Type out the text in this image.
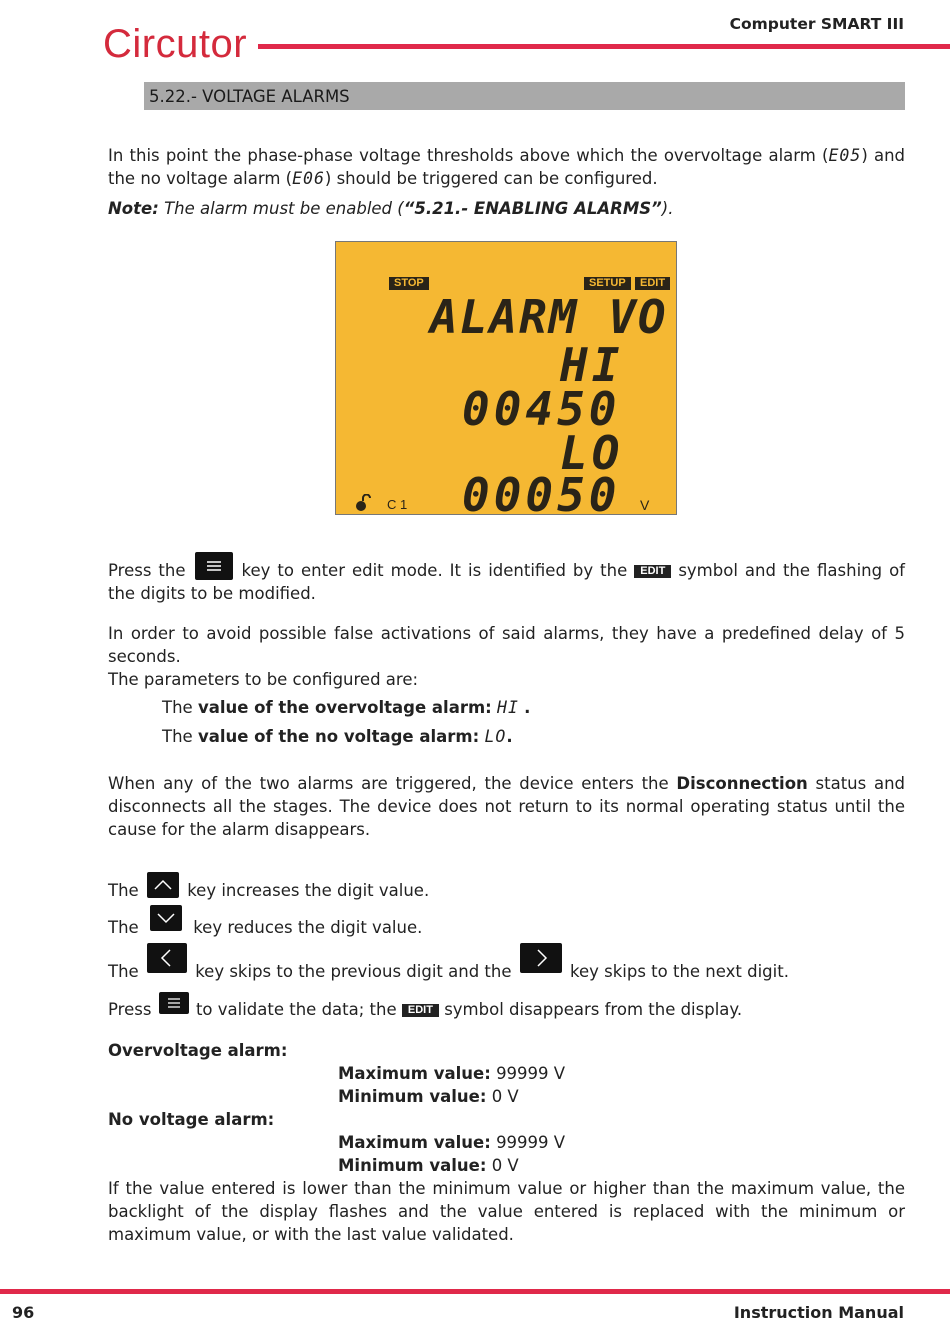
Circutor	Computer SMART III
5.22.- VOLTAGE ALARMS
In this point the phase-phase voltage thresholds above which the overvoltage alarm (E05) and the no voltage alarm (E06) should be triggered can be configured.
Note: The alarm must be enabled (“5.21.- ENABLING ALARMS”).
STOP	SETUP	EDIT
ALARM VO
HI
00450
LO
00050
C 1	V
Press the	key to enter edit mode. It is identified by the EDIT symbol and the flashing of the digits to be modified.
In order to avoid possible false activations of said alarms, they have a predefined delay of 5 seconds.
The parameters to be configured are:
The value of the overvoltage alarm: HI .
The value of the no voltage alarm: LO.
When any of the two alarms are triggered, the device enters the Disconnection status and disconnects all the stages. The device does not return to its normal operating status until the cause for the alarm disappears.
The	key increases the digit value.
The	key reduces the digit value.
The	key skips to the previous digit and the	key skips to the next digit.
Press	to validate the data; the EDIT symbol disappears from the display.
Overvoltage alarm:
Maximum value: 99999 V
Minimum value: 0 V
No voltage alarm:
Maximum value: 99999 V
Minimum value: 0 V
If the value entered is lower than the minimum value or higher than the maximum value, the backlight of the display flashes and the value entered is replaced with the minimum or maximum value, or with the last value validated.
96	Instruction Manual
